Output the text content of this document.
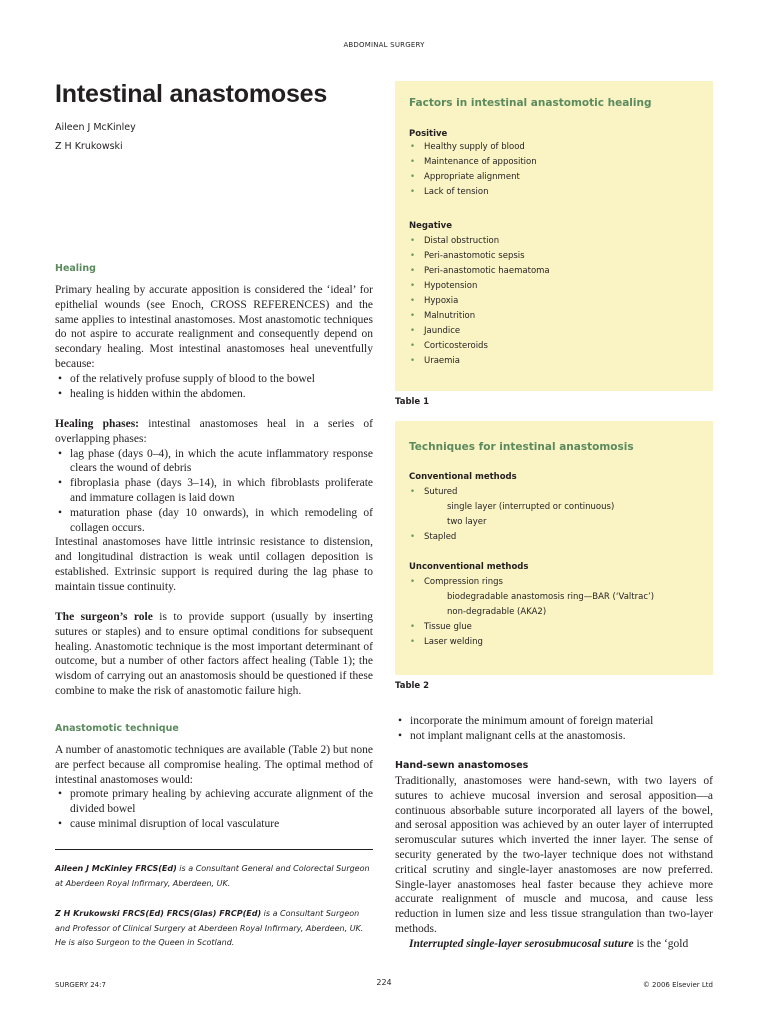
ABDOMINAL SURGERY
Intestinal anastomoses
Aileen J McKinley
Z H Krukowski
Healing

Primary healing by accurate apposition is considered the ‘ideal’ for epithelial wounds (see Enoch, CROSS REFERENCES) and the same applies to intestinal anastomoses. Most anastomotic techniques do not aspire to accurate realignment and consequently depend on secondary healing. Most intestinal anastomoses heal uneventfully because:

• of the relatively profuse supply of blood to the bowel
• healing is hidden within the abdomen.

Healing phases: intestinal anastomoses heal in a series of overlapping phases:

• lag phase (days 0–4), in which the acute inflammatory response clears the wound of debris
• fibroplasia phase (days 3–14), in which fibroblasts proliferate and immature collagen is laid down
• maturation phase (day 10 onwards), in which remodeling of collagen occurs.

Intestinal anastomoses have little intrinsic resistance to distension, and longitudinal distraction is weak until collagen deposition is established. Extrinsic support is required during the lag phase to maintain tissue continuity.

The surgeon’s role is to provide support (usually by inserting sutures or staples) and to ensure optimal conditions for subsequent healing. Anastomotic technique is the most important determinant of outcome, but a number of other factors affect healing (Table 1); the wisdom of carrying out an anastomosis should be questioned if these combine to make the risk of anastomotic failure high.

Anastomotic technique

A number of anastomotic techniques are available (Table 2) but none are perfect because all compromise healing. The optimal method of intestinal anastomoses would:

• promote primary healing by achieving accurate alignment of the divided bowel
• cause minimal disruption of local vasculature
Aileen J McKinley FRCS(Ed) is a Consultant General and Colorectal Surgeon at Aberdeen Royal Infirmary, Aberdeen, UK.
Z H Krukowski FRCS(Ed) FRCS(Glas) FRCP(Ed) is a Consultant Surgeon and Professor of Clinical Surgery at Aberdeen Royal Infirmary, Aberdeen, UK. He is also Surgeon to the Queen in Scotland.
Factors in intestinal anastomotic healing
Positive
• Healthy supply of blood
• Maintenance of apposition
• Appropriate alignment
• Lack of tension
Negative
• Distal obstruction
• Peri-anastomotic sepsis
• Peri-anastomotic haematoma
• Hypotension
• Hypoxia
• Malnutrition
• Jaundice
• Corticosteroids
• Uraemia
Table 1
Techniques for intestinal anastomosis
Conventional methods
• Sutured
single layer (interrupted or continuous)
two layer
• Stapled
Unconventional methods
• Compression rings
biodegradable anastomosis ring—BAR (‘Valtrac’)
non-degradable (AKA2)
• Tissue glue
• Laser welding
Table 2
• incorporate the minimum amount of foreign material
• not implant malignant cells at the anastomosis.
Hand-sewn anastomoses

Traditionally, anastomoses were hand-sewn, with two layers of sutures to achieve mucosal inversion and serosal apposition—a continuous absorbable suture incorporated all layers of the bowel, and serosal apposition was achieved by an outer layer of interrupted seromuscular sutures which inverted the inner layer. The sense of security generated by the two-layer technique does not withstand critical scrutiny and single-layer anastomoses are now preferred. Single-layer anastomoses heal faster because they achieve more accurate realignment of muscle and mucosa, and cause less reduction in lumen size and less tissue strangulation than two-layer methods.

Interrupted single-layer serosubmucosal suture is the ‘gold

SURGERY 24:7	224	© 2006 Elsevier Ltd
